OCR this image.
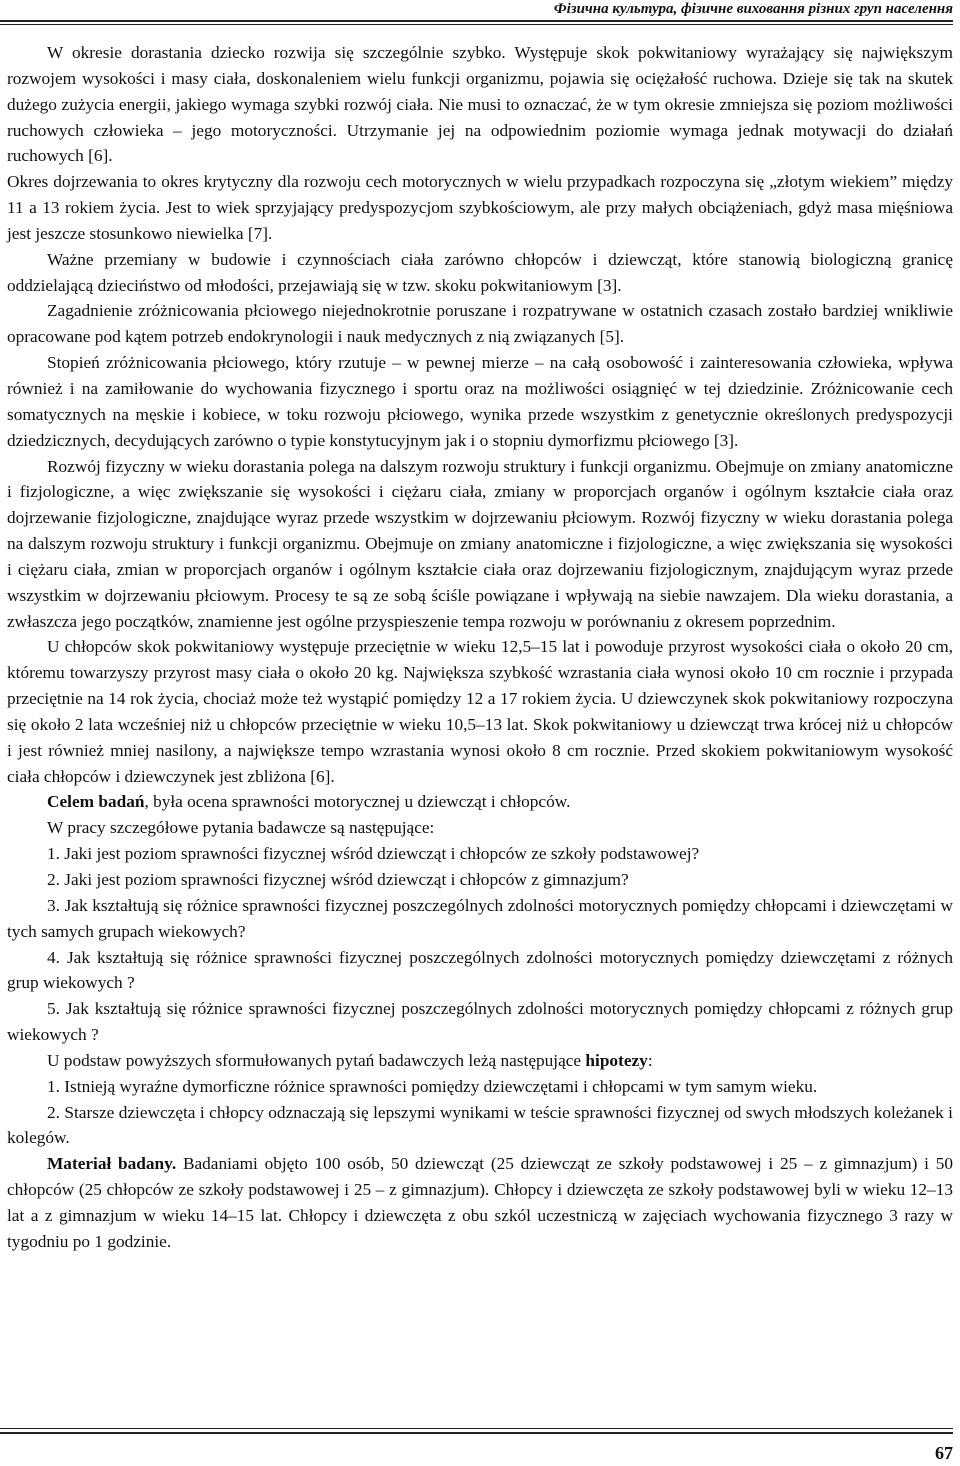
Фізична культура, фізичне виховання різних груп населення

W okresie dorastania dziecko rozwija się szczególnie szybko. Występuje skok pokwitaniowy wyrażający się największym rozwojem wysokości i masy ciała, doskonaleniem wielu funkcji organizmu, pojawia się ociężałość ruchowa. Dzieje się tak na skutek dużego zużycia energii, jakiego wymaga szybki rozwój ciała. Nie musi to oznaczać, że w tym okresie zmniejsza się poziom możliwości ruchowych człowieka – jego motoryczności. Utrzymanie jej na odpowiednim poziomie wymaga jednak motywacji do działań ruchowych [6].

Okres dojrzewania to okres krytyczny dla rozwoju cech motorycznych w wielu przypadkach rozpoczyna się „złotym wiekiem” między 11 a 13 rokiem życia. Jest to wiek sprzyjający predyspozycjom szybkościowym, ale przy małych obciążeniach, gdyż masa mięśniowa jest jeszcze stosunkowo niewielka [7].

Ważne przemiany w budowie i czynnościach ciała zarówno chłopców i dziewcząt, które stanowią biologiczną granicę oddzielającą dzieciństwo od młodości, przejawiają się w tzw. skoku pokwitaniowym [3].

Zagadnienie zróżnicowania płciowego niejednokrotnie poruszane i rozpatrywane w ostatnich czasach zostało bardziej wnikliwie opracowane pod kątem potrzeb endokrynologii i nauk medycznych z nią związanych [5].

Stopień zróżnicowania płciowego, który rzutuje – w pewnej mierze – na całą osobowość i zainteresowania człowieka, wpływa również i na zamiłowanie do wychowania fizycznego i sportu oraz na możliwości osiągnięć w tej dziedzinie. Zróżnicowanie cech somatycznych na męskie i kobiece, w toku rozwoju płciowego, wynika przede wszystkim z genetycznie określonych predyspozycji dziedzicznych, decydujących zarówno o typie konstytucyjnym jak i o stopniu dymorfizmu płciowego [3].

Rozwój fizyczny w wieku dorastania polega na dalszym rozwoju struktury i funkcji organizmu. Obejmuje on zmiany anatomiczne i fizjologiczne, a więc zwiększanie się wysokości i ciężaru ciała, zmiany w proporcjach organów i ogólnym kształcie ciała oraz dojrzewanie fizjologiczne, znajdujące wyraz przede wszystkim w dojrzewaniu płciowym. Rozwój fizyczny w wieku dorastania polega na dalszym rozwoju struktury i funkcji organizmu. Obejmuje on zmiany anatomiczne i fizjologiczne, a więc zwiększania się wysokości i ciężaru ciała, zmian w proporcjach organów i ogólnym kształcie ciała oraz dojrzewaniu fizjologicznym, znajdującym wyraz przede wszystkim w dojrzewaniu płciowym. Procesy te są ze sobą ściśle powiązane i wpływają na siebie nawzajem. Dla wieku dorastania, a zwłaszcza jego początków, znamienne jest ogólne przyspieszenie tempa rozwoju w porównaniu z okresem poprzednim.

U chłopców skok pokwitaniowy występuje przeciętnie w wieku 12,5–15 lat i powoduje przyrost wysokości ciała o około 20 cm, któremu towarzyszy przyrost masy ciała o około 20 kg. Największa szybkość wzrastania ciała wynosi około 10 cm rocznie i przypada przeciętnie na 14 rok życia, chociaż może też wystąpić pomiędzy 12 a 17 rokiem życia. U dziewczynek skok pokwitaniowy rozpoczyna się około 2 lata wcześniej niż u chłopców przeciętnie w wieku 10,5–13 lat. Skok pokwitaniowy u dziewcząt trwa krócej niż u chłopców i jest również mniej nasilony, a największe tempo wzrastania wynosi około 8 cm rocznie. Przed skokiem pokwitaniowym wysokość ciała chłopców i dziewczynek jest zbliżona [6].

Celem badań, była ocena sprawności motorycznej u dziewcząt i chłopców.

W pracy szczegółowe pytania badawcze są następujące:

1. Jaki jest poziom sprawności fizycznej wśród dziewcząt i chłopców ze szkoły podstawowej?

2. Jaki jest poziom sprawności fizycznej wśród dziewcząt i chłopców z gimnazjum?

3. Jak kształtują się różnice sprawności fizycznej poszczególnych zdolności motorycznych pomiędzy chłopcami i dziewczętami w tych samych grupach wiekowych?

4. Jak kształtują się różnice sprawności fizycznej poszczególnych zdolności motorycznych pomiędzy dziewczętami z różnych grup wiekowych ?

5. Jak kształtują się różnice sprawności fizycznej poszczególnych zdolności motorycznych pomiędzy chłopcami z różnych grup wiekowych ?

U podstaw powyższych sformułowanych pytań badawczych leżą następujące hipotezy:

1. Istnieją wyraźne dymorficzne różnice sprawności pomiędzy dziewczętami i chłopcami w tym samym wieku.

2. Starsze dziewczęta i chłopcy odznaczają się lepszymi wynikami w teście sprawności fizycznej od swych młodszych koleżanek i kolegów.

Materiał badany. Badaniami objęto 100 osób, 50 dziewcząt (25 dziewcząt ze szkoły podstawowej i 25 – z gimnazjum) i 50 chłopców (25 chłopców ze szkoły podstawowej i 25 – z gimnazjum). Chłopcy i dziewczęta ze szkoły podstawowej byli w wieku 12–13 lat a z gimnazjum w wieku 14–15 lat. Chłopcy i dziewczęta z obu szkól uczestniczą w zajęciach wychowania fizycznego 3 razy w tygodniu po 1 godzinie.

67
